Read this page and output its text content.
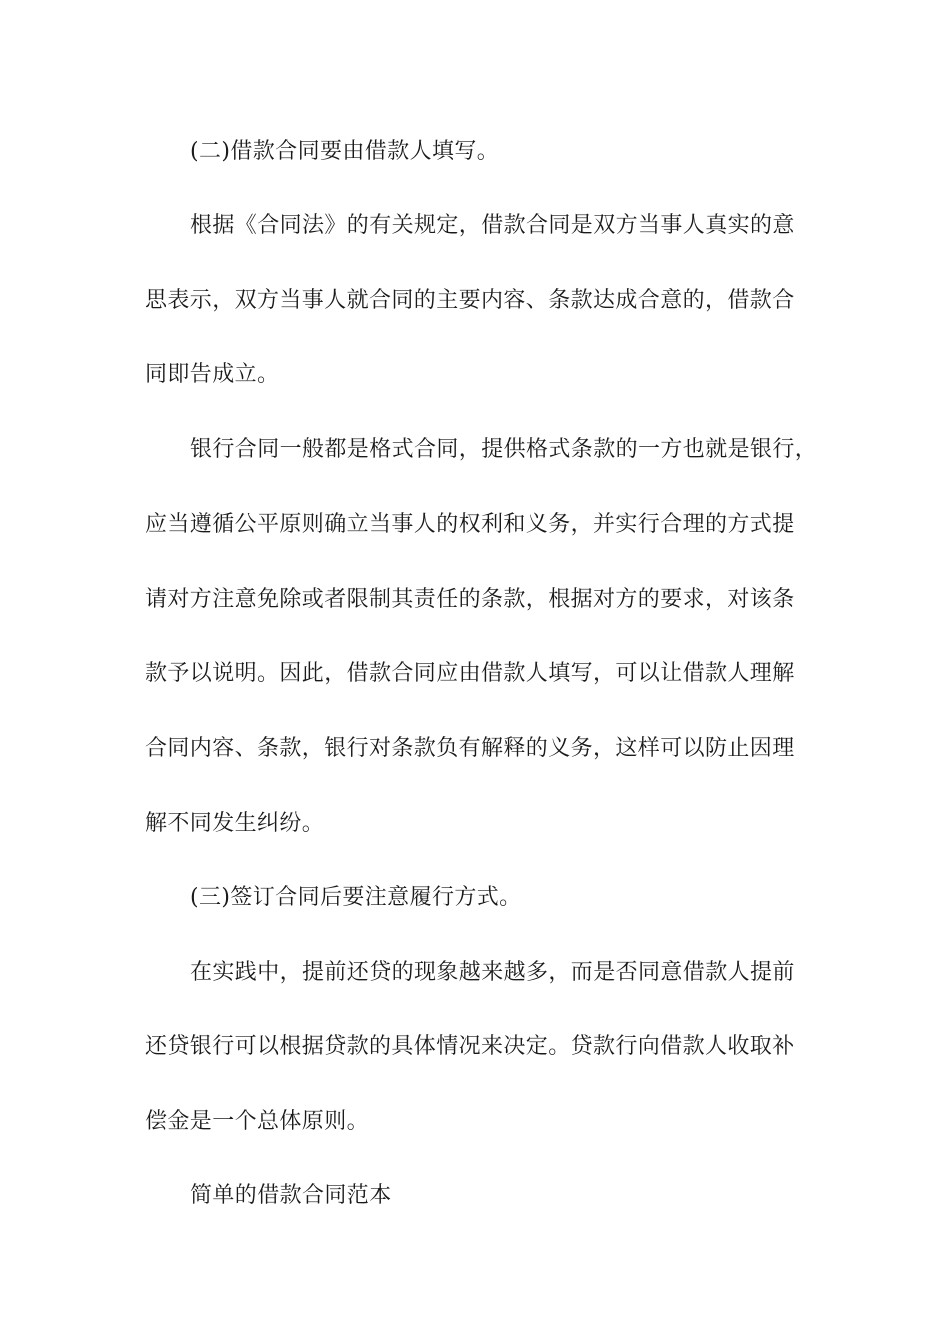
(二)借款合同要由借款人填写。
根据《合同法》的有关规定，借款合同是双方当事人真实的意
思表示，双方当事人就合同的主要内容、条款达成合意的，借款合
同即告成立。
银行合同一般都是格式合同，提供格式条款的一方也就是银行，
应当遵循公平原则确立当事人的权利和义务，并实行合理的方式提
请对方注意免除或者限制其责任的条款，根据对方的要求，对该条
款予以说明。因此，借款合同应由借款人填写，可以让借款人理解
合同内容、条款，银行对条款负有解释的义务，这样可以防止因理
解不同发生纠纷。
(三)签订合同后要注意履行方式。
在实践中，提前还贷的现象越来越多，而是否同意借款人提前
还贷银行可以根据贷款的具体情况来决定。贷款行向借款人收取补
偿金是一个总体原则。
简单的借款合同范本
